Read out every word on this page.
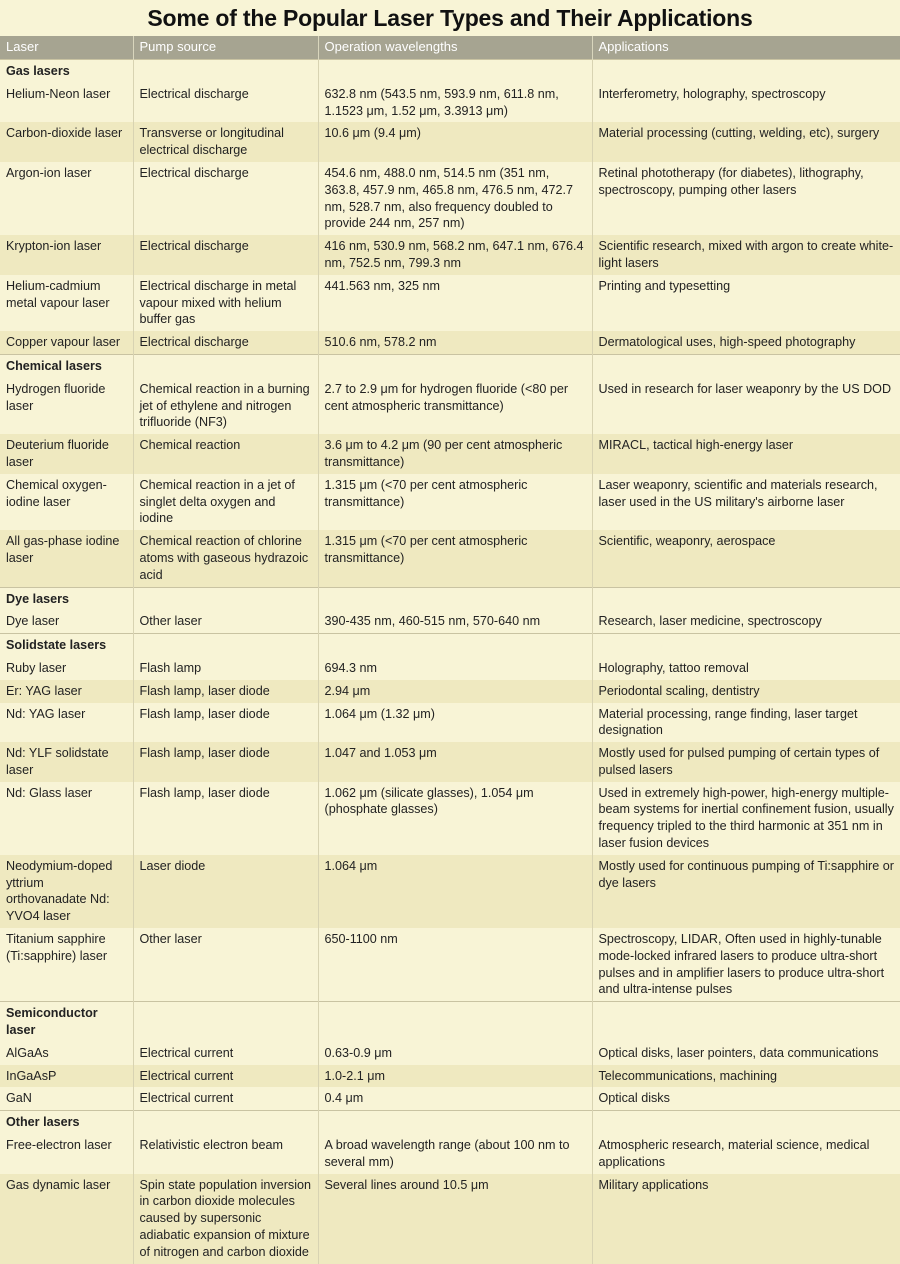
Some of the Popular Laser Types and Their Applications
Laser	Pump source	Operation wavelengths	Applications
Gas lasers			
Helium-Neon laser	Electrical discharge	632.8 nm (543.5 nm, 593.9 nm, 611.8 nm, 1.1523 μm, 1.52 μm, 3.3913 μm)	Interferometry, holography, spectroscopy
Carbon-dioxide laser	Transverse or longitudinal electrical discharge	10.6 μm (9.4 μm)	Material processing (cutting, welding, etc), surgery
Argon-ion laser	Electrical discharge	454.6 nm, 488.0 nm, 514.5 nm (351 nm, 363.8, 457.9 nm, 465.8 nm, 476.5 nm, 472.7 nm, 528.7 nm, also frequency doubled to provide 244 nm, 257 nm)	Retinal phototherapy (for diabetes), lithography, spectroscopy, pumping other lasers
Krypton-ion laser	Electrical discharge	416 nm, 530.9 nm, 568.2 nm, 647.1 nm, 676.4 nm, 752.5 nm, 799.3 nm	Scientific research, mixed with argon to create white-light lasers
Helium-cadmium metal vapour laser	Electrical discharge in metal vapour mixed with helium buffer gas	441.563 nm, 325 nm	Printing and typesetting
Copper vapour laser	Electrical discharge	510.6 nm, 578.2 nm	Dermatological uses, high-speed photography
Chemical lasers			
Hydrogen fluoride laser	Chemical reaction in a burning jet of ethylene and nitrogen trifluoride (NF3)	2.7 to 2.9 μm for hydrogen fluoride (<80 per cent atmospheric transmittance)	Used in research for laser weaponry by the US DOD
Deuterium fluoride laser	Chemical reaction	3.6 μm to 4.2 μm (90 per cent atmospheric transmittance)	MIRACL, tactical high-energy laser
Chemical oxygen-iodine laser	Chemical reaction in a jet of singlet delta oxygen and iodine	1.315 μm (<70 per cent atmospheric transmittance)	Laser weaponry, scientific and materials research, laser used in the US military's airborne laser
All gas-phase iodine laser	Chemical reaction of chlorine atoms with gaseous hydrazoic acid	1.315 μm (<70 per cent atmospheric transmittance)	Scientific, weaponry, aerospace
Dye lasers			
Dye laser	Other laser	390-435 nm, 460-515 nm, 570-640 nm	Research, laser medicine, spectroscopy
Solidstate lasers			
Ruby laser	Flash lamp	694.3 nm	Holography, tattoo removal
Er: YAG laser	Flash lamp, laser diode	2.94 μm	Periodontal scaling, dentistry
Nd: YAG laser	Flash lamp, laser diode	1.064 μm (1.32 μm)	Material processing, range finding, laser target designation
Nd: YLF solidstate laser	Flash lamp, laser diode	1.047 and 1.053 μm	Mostly used for pulsed pumping of certain types of pulsed lasers
Nd: Glass laser	Flash lamp, laser diode	1.062 μm (silicate glasses), 1.054 μm (phosphate glasses)	Used in extremely high-power, high-energy multiple-beam systems for inertial confinement fusion, usually frequency tripled to the third harmonic at 351 nm in laser fusion devices
Neodymium-doped yttrium orthovanadate Nd: YVO4 laser	Laser diode	1.064 μm	Mostly used for continuous pumping of Ti:sapphire or dye lasers
Titanium sapphire (Ti:sapphire) laser	Other laser	650-1100 nm	Spectroscopy, LIDAR, Often used in highly-tunable mode-locked infrared lasers to produce ultra-short pulses and in amplifier lasers to produce ultra-short and ultra-intense pulses
Semiconductor laser			
AlGaAs	Electrical current	0.63-0.9 μm	Optical disks, laser pointers, data communications
InGaAsP	Electrical current	1.0-2.1 μm	Telecommunications, machining
GaN	Electrical current	0.4 μm	Optical disks
Other lasers			
Free-electron laser	Relativistic electron beam	A broad wavelength range (about 100 nm to several mm)	Atmospheric research, material science, medical applications
Gas dynamic laser	Spin state population inversion in carbon dioxide molecules caused by supersonic adiabatic expansion of mixture of nitrogen and carbon dioxide	Several lines around 10.5 μm	Military applications
